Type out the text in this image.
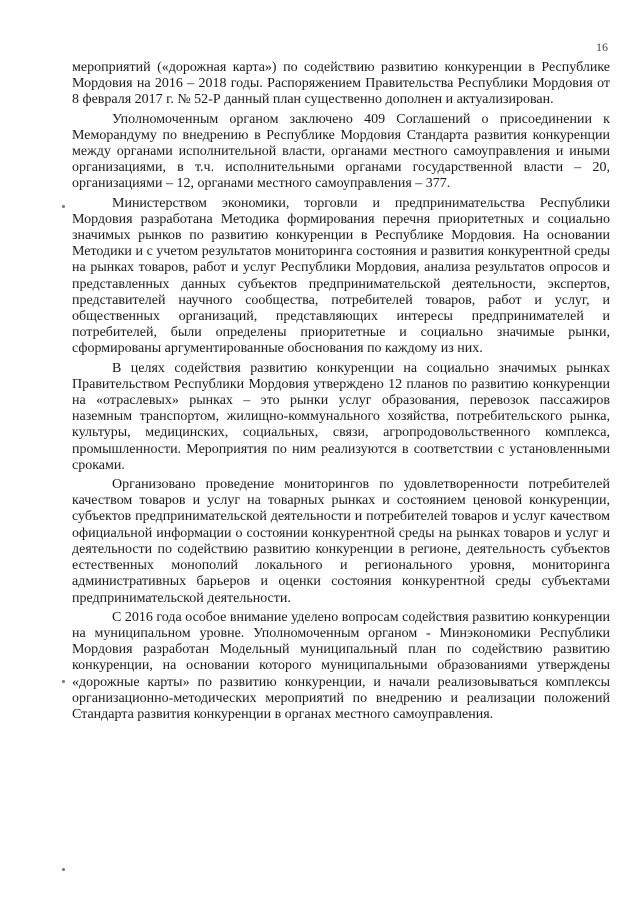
16

мероприятий («дорожная карта») по содействию развитию конкуренции в Республике Мордовия на 2016 – 2018 годы. Распоряжением Правительства Республики Мордовия от 8 февраля 2017 г. № 52-Р данный план существенно дополнен и актуализирован.

Уполномоченным органом заключено 409 Соглашений о присоединении к Меморандуму по внедрению в Республике Мордовия Стандарта развития конкуренции между органами исполнительной власти, органами местного самоуправления и иными организациями, в т.ч. исполнительными органами государственной власти – 20, организациями – 12, органами местного самоуправления – 377.

Министерством экономики, торговли и предпринимательства Республики Мордовия разработана Методика формирования перечня приоритетных и социально значимых рынков по развитию конкуренции в Республике Мордовия. На основании Методики и с учетом результатов мониторинга состояния и развития конкурентной среды на рынках товаров, работ и услуг Республики Мордовия, анализа результатов опросов и представленных данных субъектов предпринимательской деятельности, экспертов, представителей научного сообщества, потребителей товаров, работ и услуг, и общественных организаций, представляющих интересы предпринимателей и потребителей, были определены приоритетные и социально значимые рынки, сформированы аргументированные обоснования по каждому из них.

В целях содействия развитию конкуренции на социально значимых рынках Правительством Республики Мордовия утверждено 12 планов по развитию конкуренции на «отраслевых» рынках – это рынки услуг образования, перевозок пассажиров наземным транспортом, жилищно-коммунального хозяйства, потребительского рынка, культуры, медицинских, социальных, связи, агропродовольственного комплекса, промышленности. Мероприятия по ним реализуются в соответствии с установленными сроками.

Организовано проведение мониторингов по удовлетворенности потребителей качеством товаров и услуг на товарных рынках и состоянием ценовой конкуренции, субъектов предпринимательской деятельности и потребителей товаров и услуг качеством официальной информации о состоянии конкурентной среды на рынках товаров и услуг и деятельности по содействию развитию конкуренции в регионе, деятельность субъектов естественных монополий локального и регионального уровня, мониторинга административных барьеров и оценки состояния конкурентной среды субъектами предпринимательской деятельности.

С 2016 года особое внимание уделено вопросам содействия развитию конкуренции на муниципальном уровне. Уполномоченным органом - Минэкономики Республики Мордовия разработан Модельный муниципальный план по содействию развитию конкуренции, на основании которого муниципальными образованиями утверждены «дорожные карты» по развитию конкуренции, и начали реализовываться комплексы организационно-методических мероприятий по внедрению и реализации положений Стандарта развития конкуренции в органах местного самоуправления.
